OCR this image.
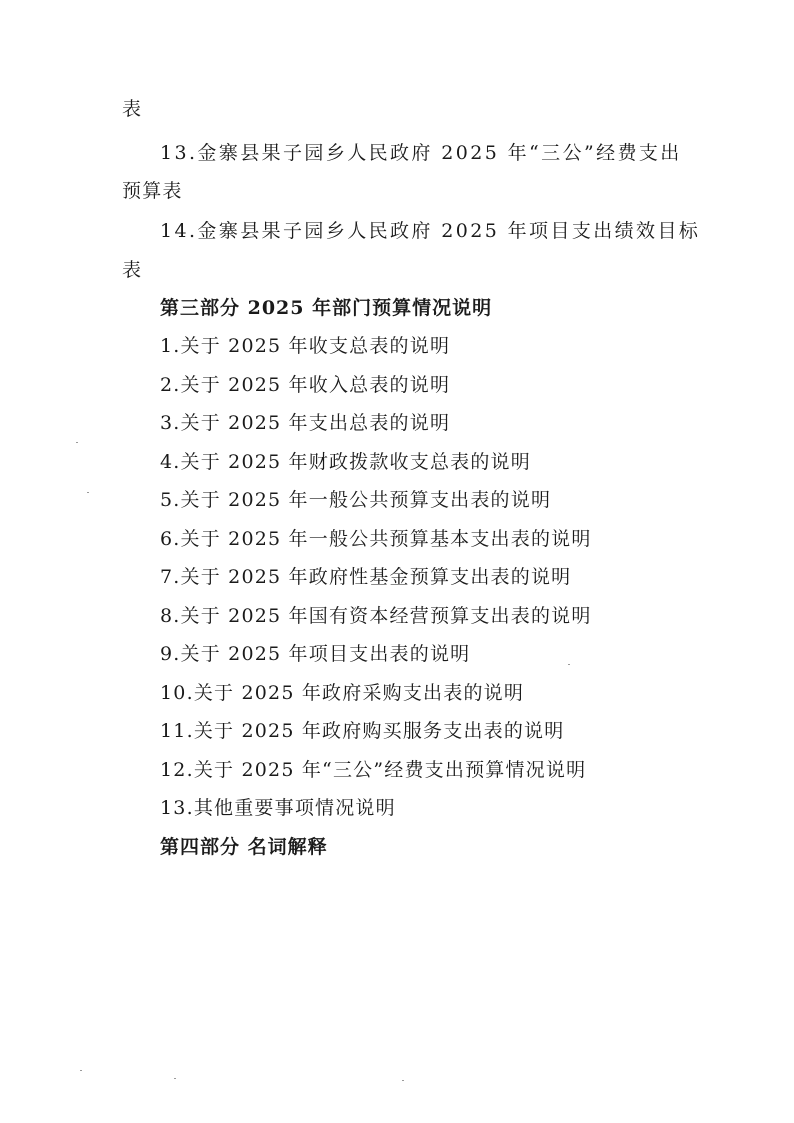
表

13.金寨县果子园乡人民政府 2025 年“三公”经费支出

预算表

14.金寨县果子园乡人民政府 2025 年项目支出绩效目标

表

第三部分 2025 年部门预算情况说明

1.关于 2025 年收支总表的说明

2.关于 2025 年收入总表的说明

3.关于 2025 年支出总表的说明

4.关于 2025 年财政拨款收支总表的说明

5.关于 2025 年一般公共预算支出表的说明

6.关于 2025 年一般公共预算基本支出表的说明

7.关于 2025 年政府性基金预算支出表的说明

8.关于 2025 年国有资本经营预算支出表的说明

9.关于 2025 年项目支出表的说明

10.关于 2025 年政府采购支出表的说明

11.关于 2025 年政府购买服务支出表的说明

12.关于 2025 年“三公”经费支出预算情况说明

13.其他重要事项情况说明

第四部分 名词解释
